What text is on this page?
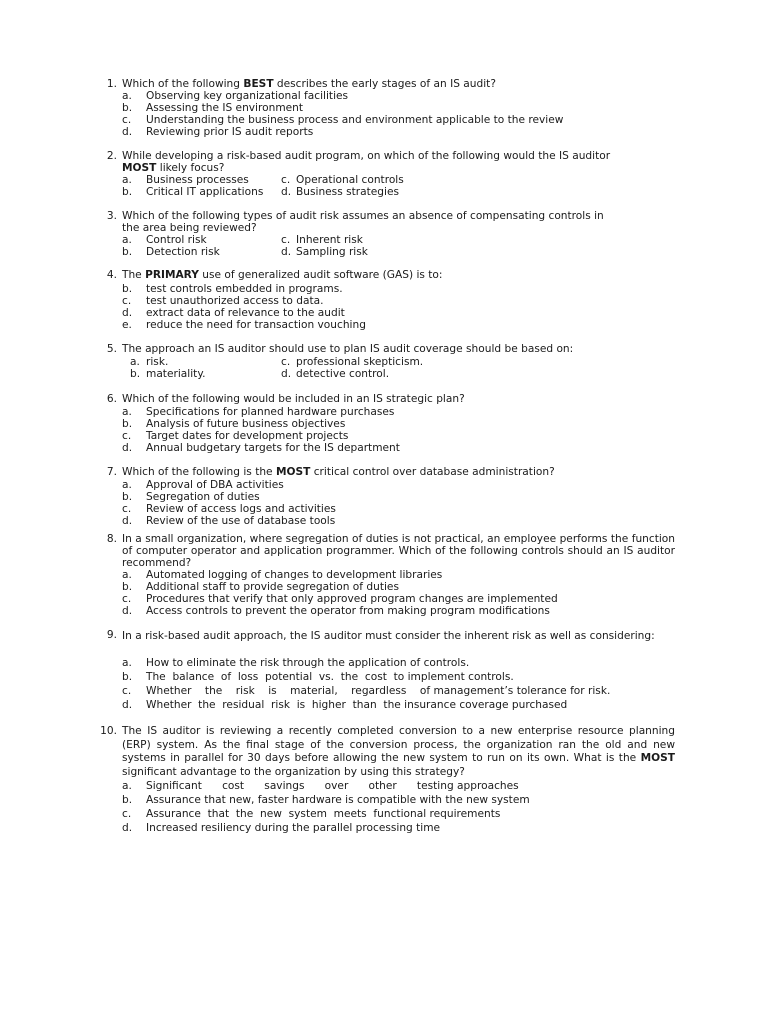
1. Which of the following BEST describes the early stages of an IS audit?
a.	Observing key organizational facilities
b.	Assessing the IS environment
c.	Understanding the business process and environment applicable to the review
d.	Reviewing prior IS audit reports
2. While developing a risk-based audit program, on which of the following would the IS auditor
MOST likely focus?
a.	Business processes	c. Operational controls
b.	Critical IT applications d. Business strategies
3. Which of the following types of audit risk assumes an absence of compensating controls in
the area being reviewed?
a.	Control risk	c. Inherent risk
b.	Detection risk	d. Sampling risk
4. The PRIMARY use of generalized audit software (GAS) is to:
b.	test controls embedded in programs.
c.	test unauthorized access to data.
d.	extract data of relevance to the audit
e.	reduce the need for transaction vouching
5. The approach an IS auditor should use to plan IS audit coverage should be based on:
a. risk.	c. professional skepticism.
b. materiality.	d. detective control.
6. Which of the following would be included in an IS strategic plan?
a.	Specifications for planned hardware purchases
b.	Analysis of future business objectives
c.	Target dates for development projects
d.	Annual budgetary targets for the IS department
7. Which of the following is the MOST critical control over database administration?
a.	Approval of DBA activities
b.	Segregation of duties
c.	Review of access logs and activities
d.	Review of the use of database tools
8. In a small organization, where segregation of duties is not practical, an employee performs the function of computer operator and application programmer. Which of the following controls should an IS auditor recommend?
a.	Automated logging of changes to development libraries
b.	Additional staff to provide segregation of duties
c.	Procedures that verify that only approved program changes are implemented
d.	Access controls to prevent the operator from making program modifications
9. In a risk-based audit approach, the IS auditor must consider the inherent risk as well as considering:
a.	How to eliminate the risk through the application of controls.
b.	The  balance  of  loss  potential  vs.  the  cost  to implement controls.
c.	Whether    the    risk    is    material,    regardless    of management’s tolerance for risk.
d.	Whether  the  residual  risk  is  higher  than  the insurance coverage purchased
10. The IS auditor is reviewing a recently completed conversion to a new enterprise resource planning (ERP) system. As the final stage of the conversion process, the organization ran the old and new systems in parallel for 30 days before allowing the new system to run on its own. What is the MOST significant advantage to the organization by using this strategy?
a.	Significant      cost      savings      over      other      testing approaches
b.	Assurance that new, faster hardware is compatible with the new system
c.	Assurance  that  the  new  system  meets  functional requirements
d.	Increased resiliency during the parallel processing time
